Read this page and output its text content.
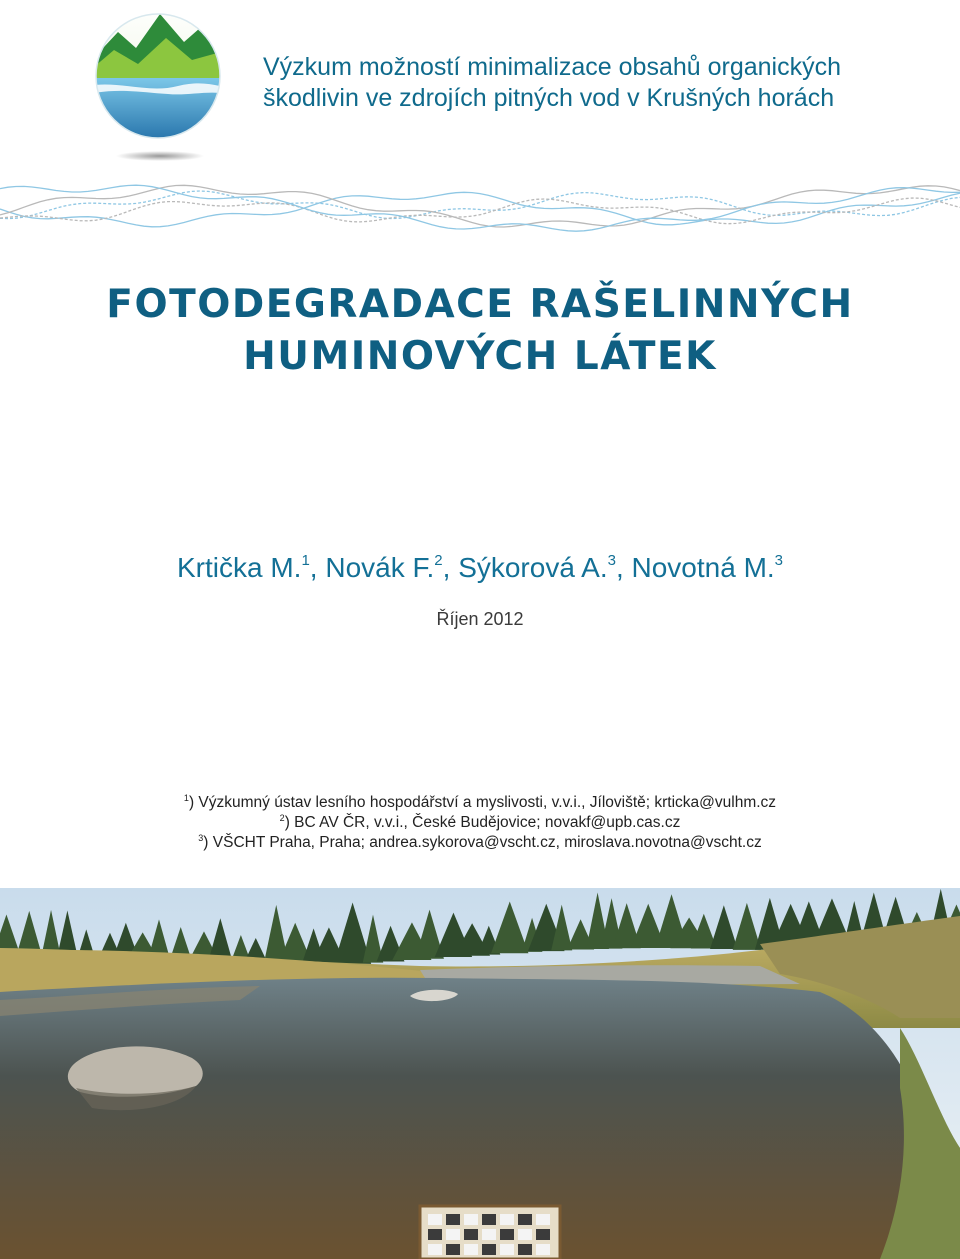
Výzkum možností minimalizace obsahů organických
škodlivin ve zdrojích pitných vod v Krušných horách
FOTODEGRADACE RAŠELINNÝCH
HUMINOVÝCH LÁTEK
Krtička M.$^1$, Novák F.$^2$, Sýkorová A.$^3$, Novotná M.$^3$
Říjen 2012
$^1$) Výzkumný ústav lesního hospodářství a myslivosti, v.v.i., Jíloviště; krticka@vulhm.cz
$^2$) BC AV ČR, v.v.i., České Budějovice; novakf@upb.cas.cz
$^3$) VŠCHT Praha, Praha; andrea.sykorova@vscht.cz, miroslava.novotna@vscht.cz
